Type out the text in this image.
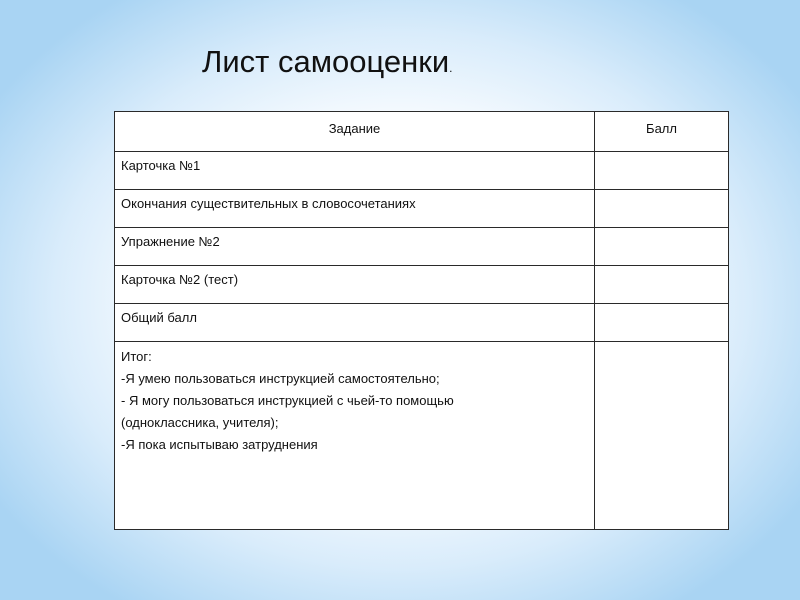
Лист самооценки.
Задание	Балл
Карточка №1	
Окончания существительных в словосочетаниях	
Упражнение №2	
Карточка №2 (тест)	
Общий балл	

Итог:
-Я умею пользоваться инструкцией самостоятельно;
- Я могу пользоваться инструкцией с чьей-то помощью
(одноклассника, учителя);
-Я пока испытываю затруднения	
